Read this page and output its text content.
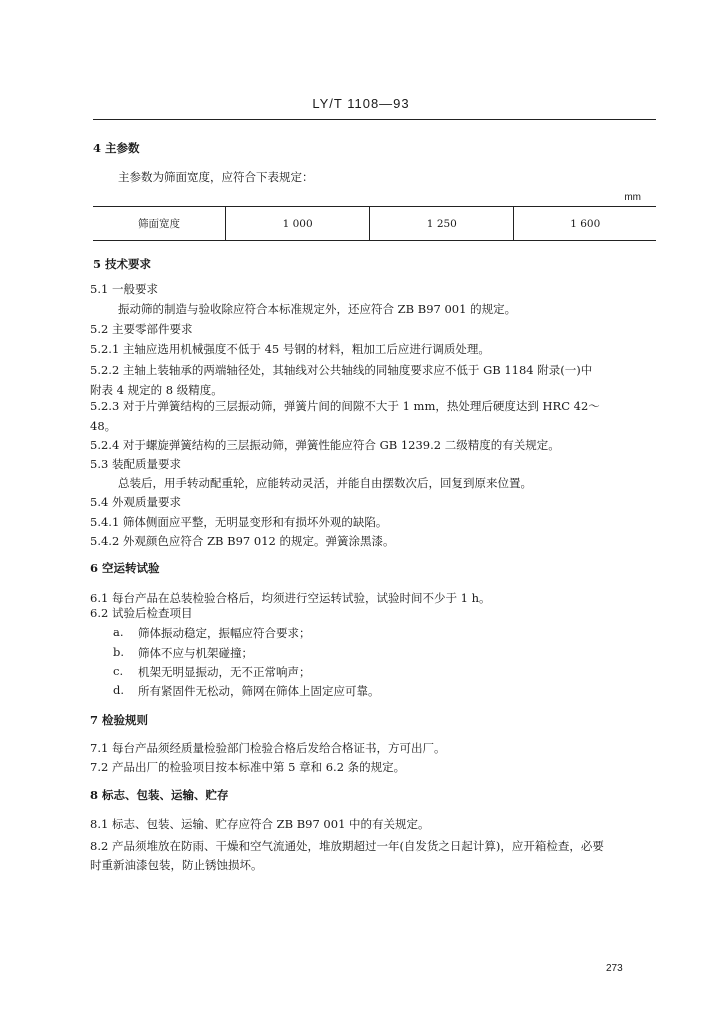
LY/T 1108—93
4 主参数
主参数为筛面宽度，应符合下表规定：
mm
筛面宽度	1 000	1 250	1 600
5 技术要求
5.1 一般要求
振动筛的制造与验收除应符合本标准规定外，还应符合 ZB B97 001 的规定。
5.2 主要零部件要求
5.2.1 主轴应选用机械强度不低于 45 号钢的材料，粗加工后应进行调质处理。
5.2.2 主轴上装轴承的两端轴径处，其轴线对公共轴线的同轴度要求应不低于 GB 1184 附录(一)中
附表 4 规定的 8 级精度。
5.2.3 对于片弹簧结构的三层振动筛，弹簧片间的间隙不大于 1 mm，热处理后硬度达到 HRC 42～
48。
5.2.4 对于螺旋弹簧结构的三层振动筛，弹簧性能应符合 GB 1239.2 二级精度的有关规定。
5.3 装配质量要求
总装后，用手转动配重轮，应能转动灵活，并能自由摆数次后，回复到原来位置。
5.4 外观质量要求
5.4.1 筛体侧面应平整，无明显变形和有损坏外观的缺陷。
5.4.2 外观颜色应符合 ZB B97 012 的规定。弹簧涂黑漆。
6 空运转试验
6.1 每台产品在总装检验合格后，均须进行空运转试验，试验时间不少于 1 h。
6.2 试验后检查项目
a. 筛体振动稳定，振幅应符合要求；
b. 筛体不应与机架碰撞；
c. 机架无明显振动，无不正常响声；
d. 所有紧固件无松动，筛网在筛体上固定应可靠。
7 检验规则
7.1 每台产品须经质量检验部门检验合格后发给合格证书，方可出厂。
7.2 产品出厂的检验项目按本标准中第 5 章和 6.2 条的规定。
8 标志、包装、运输、贮存
8.1 标志、包装、运输、贮存应符合 ZB B97 001 中的有关规定。
8.2 产品须堆放在防雨、干燥和空气流通处，堆放期超过一年(自发货之日起计算)，应开箱检查，必要
时重新油漆包装，防止锈蚀损坏。
273
